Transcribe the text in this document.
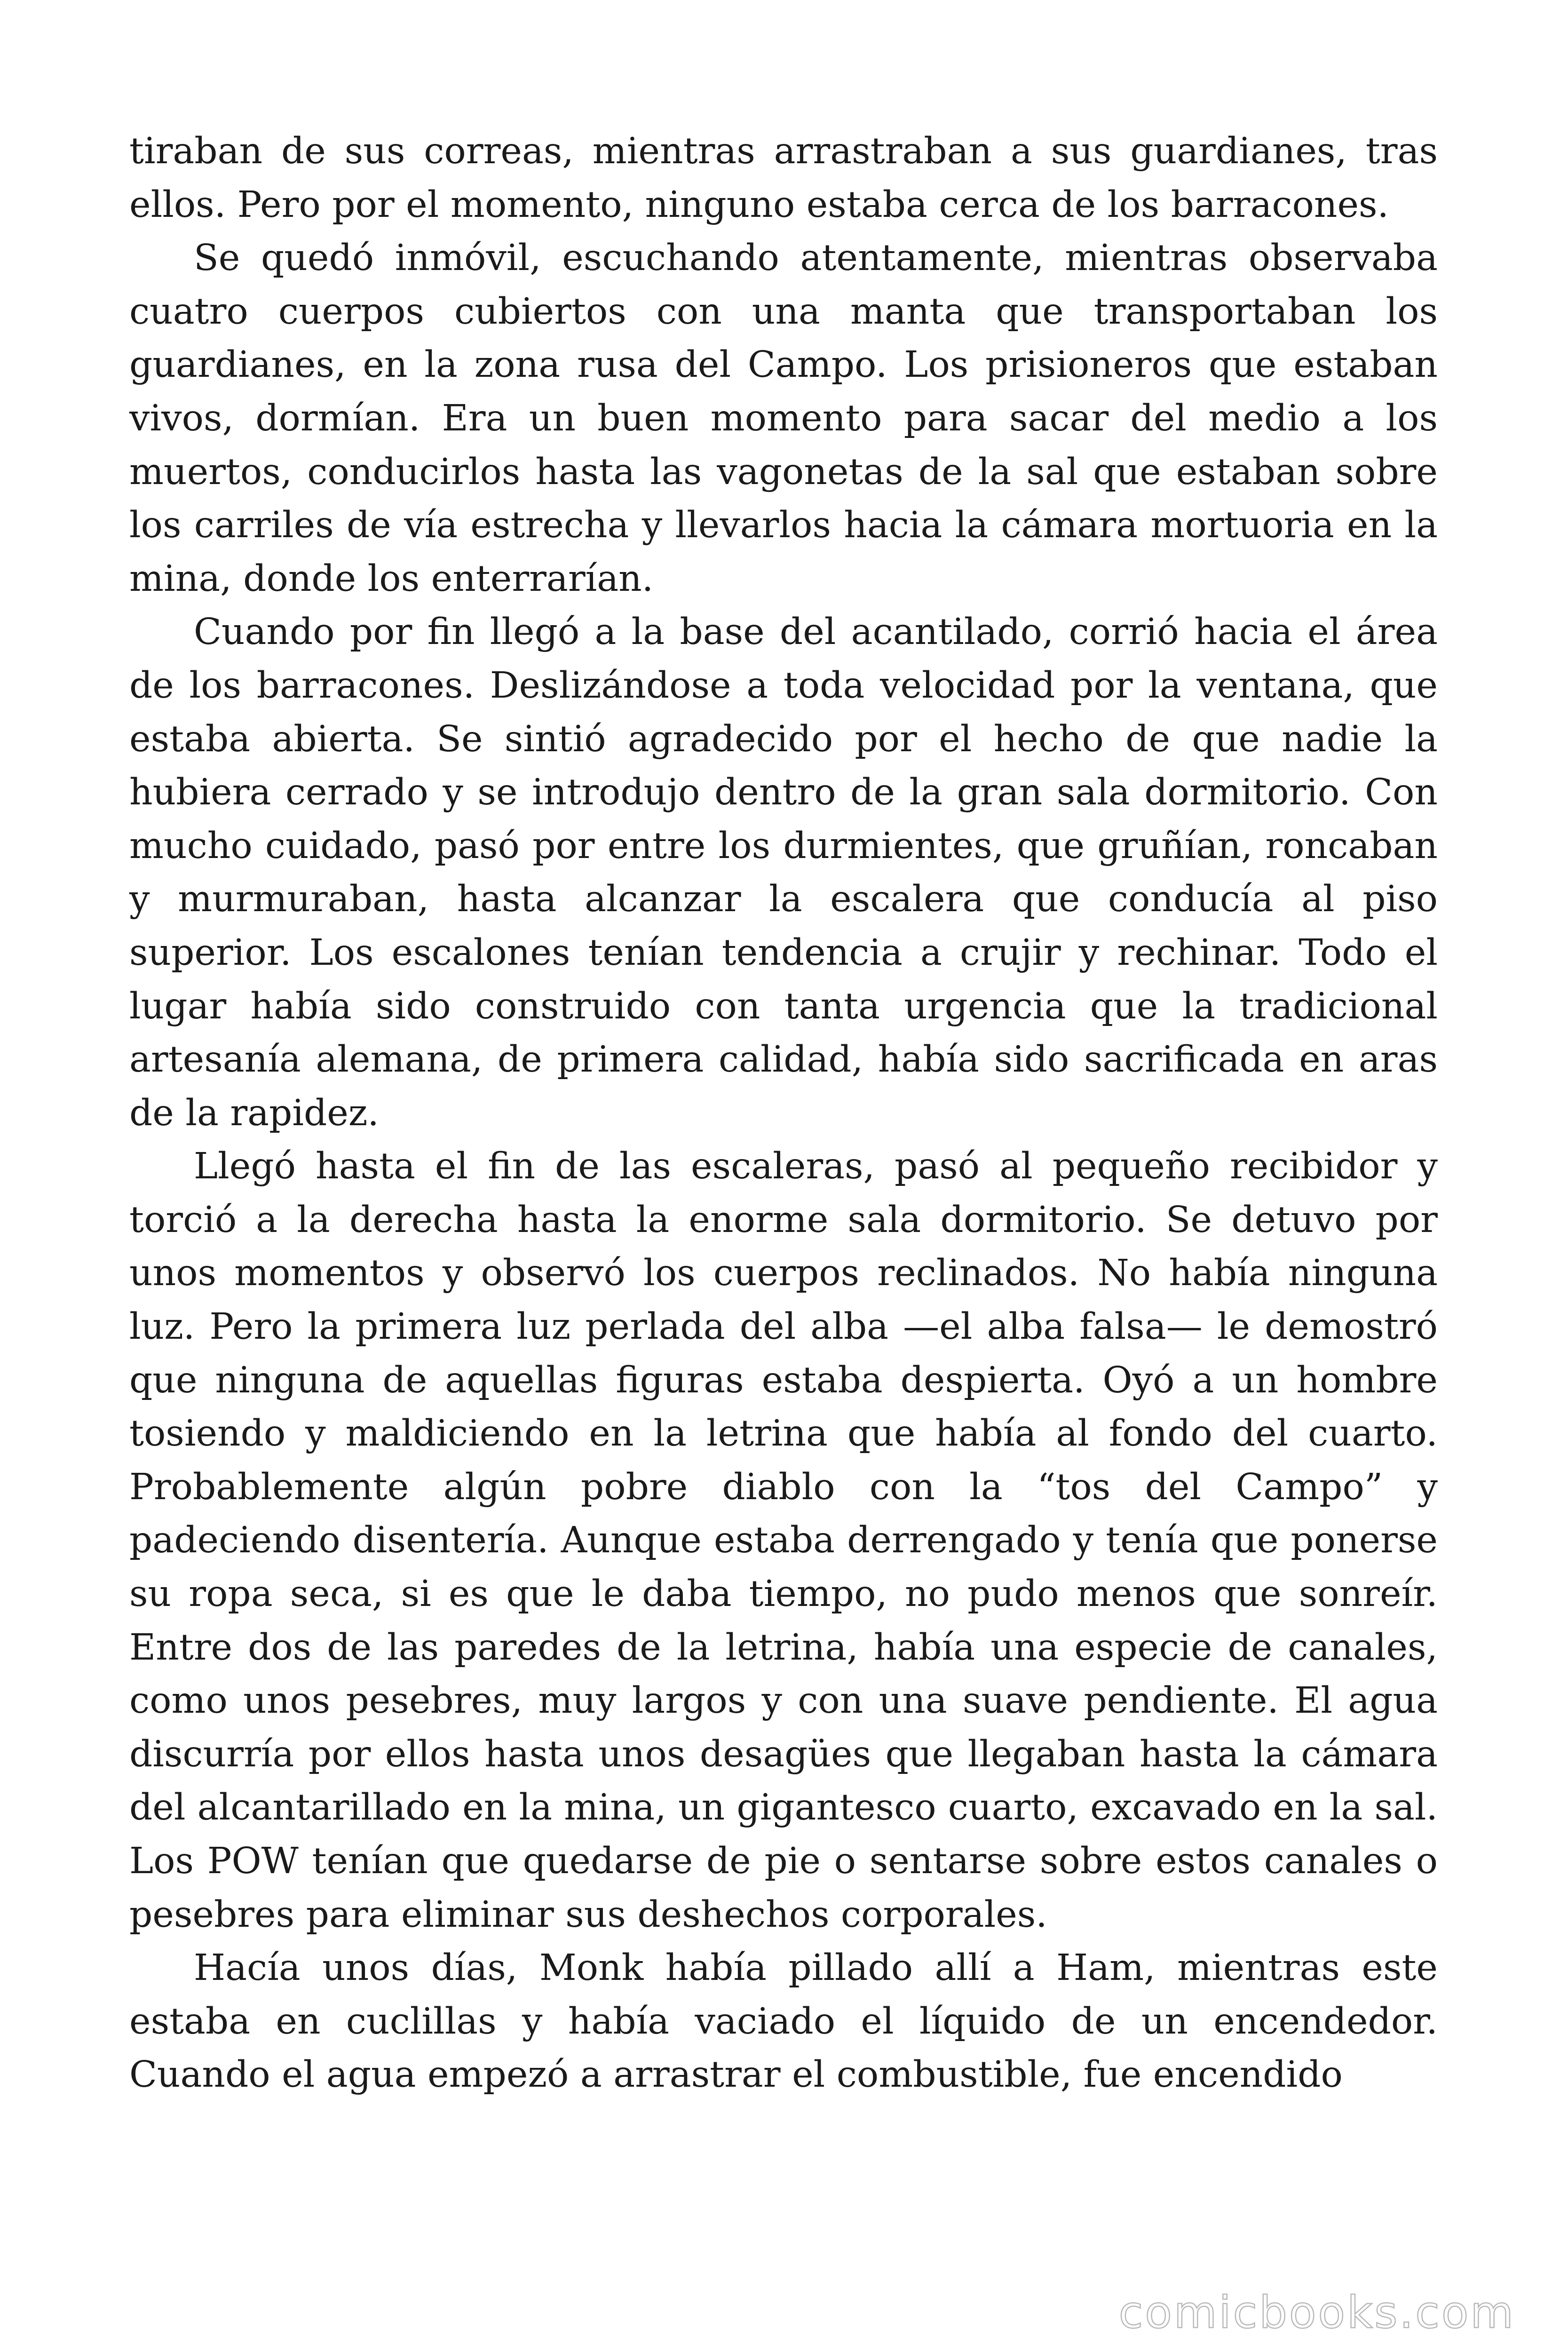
tiraban de sus correas, mientras arrastraban a sus guardianes, tras ellos. Pero por el momento, ninguno estaba cerca de los barracones.

Se quedó inmóvil, escuchando atentamente, mientras observaba cuatro cuerpos cubiertos con una manta que transportaban los guardianes, en la zona rusa del Campo. Los prisioneros que estaban vivos, dormían. Era un buen momento para sacar del medio a los muertos, conducirlos hasta las vagonetas de la sal que estaban sobre los carriles de vía estrecha y llevarlos hacia la cámara mortuoria en la mina, donde los enterrarían.

Cuando por fin llegó a la base del acantilado, corrió hacia el área de los barracones. Deslizándose a toda velocidad por la ventana, que estaba abierta. Se sintió agradecido por el hecho de que nadie la hubiera cerrado y se introdujo dentro de la gran sala dormitorio. Con mucho cuidado, pasó por entre los durmientes, que gruñían, roncaban y murmuraban, hasta alcanzar la escalera que conducía al piso superior. Los escalones tenían tendencia a crujir y rechinar. Todo el lugar había sido construido con tanta urgencia que la tradicional artesanía alemana, de primera calidad, había sido sacrificada en aras de la rapidez.

Llegó hasta el fin de las escaleras, pasó al pequeño recibidor y torció a la derecha hasta la enorme sala dormitorio. Se detuvo por unos momentos y observó los cuerpos reclinados. No había ninguna luz. Pero la primera luz perlada del alba —el alba falsa— le demostró que ninguna de aquellas figuras estaba despierta. Oyó a un hombre tosiendo y maldiciendo en la letrina que había al fondo del cuarto. Probablemente algún pobre diablo con la “tos del Campo” y padeciendo disentería. Aunque estaba derrengado y tenía que ponerse su ropa seca, si es que le daba tiempo, no pudo menos que sonreír. Entre dos de las paredes de la letrina, había una especie de canales, como unos pesebres, muy largos y con una suave pendiente. El agua discurría por ellos hasta unos desagües que llegaban hasta la cámara del alcantarillado en la mina, un gigantesco cuarto, excavado en la sal. Los POW tenían que quedarse de pie o sentarse sobre estos canales o pesebres para eliminar sus deshechos corporales.

Hacía unos días, Monk había pillado allí a Ham, mientras este estaba en cuclillas y había vaciado el líquido de un encendedor. Cuando el agua empezó a arrastrar el combustible, fue encendido

comicbooks.com
